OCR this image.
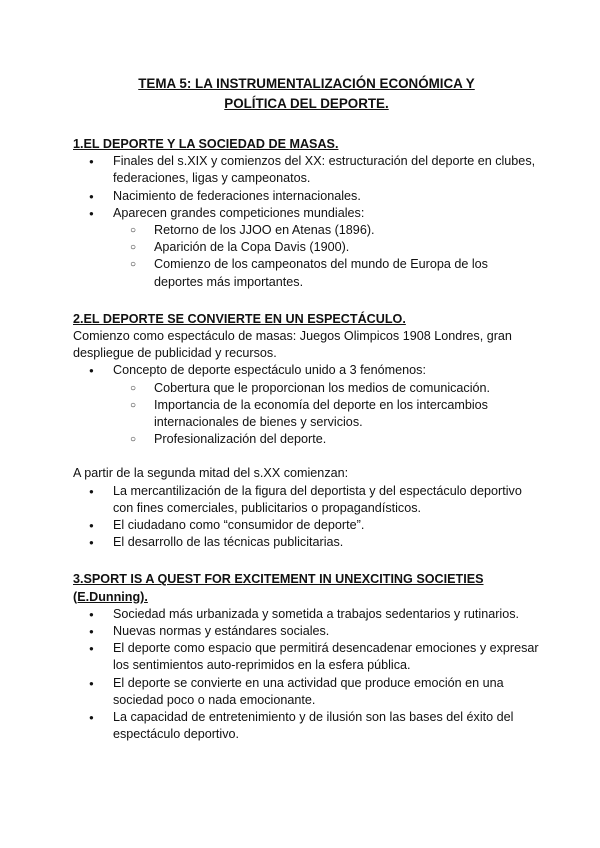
TEMA 5: LA INSTRUMENTALIZACIÓN ECONÓMICA Y
POLÍTICA DEL DEPORTE.
1.EL DEPORTE Y LA SOCIEDAD DE MASAS.
● Finales del s.XIX y comienzos del XX: estructuración del deporte en clubes, federaciones, ligas y campeonatos.
● Nacimiento de federaciones internacionales.
● Aparecen grandes competiciones mundiales:
○ Retorno de los JJOO en Atenas (1896).
○ Aparición de la Copa Davis (1900).
○ Comienzo de los campeonatos del mundo de Europa de los deportes más importantes.
2.EL DEPORTE SE CONVIERTE EN UN ESPECTÁCULO.

Comienzo como espectáculo de masas: Juegos Olimpicos 1908 Londres, gran despliegue de publicidad y recursos.

● Concepto de deporte espectáculo unido a 3 fenómenos:
○ Cobertura que le proporcionan los medios de comunicación.
○ Importancia de la economía del deporte en los intercambios internacionales de bienes y servicios.
○ Profesionalización del deporte.

A partir de la segunda mitad del s.XX comienzan:

● La mercantilización de la figura del deportista y del espectáculo deportivo con fines comerciales, publicitarios o propagandísticos.
● El ciudadano como “consumidor de deporte”.
● El desarrollo de las técnicas publicitarias.
3.SPORT IS A QUEST FOR EXCITEMENT IN UNEXCITING SOCIETIES (E.Dunning).
● Sociedad más urbanizada y sometida a trabajos sedentarios y rutinarios.
● Nuevas normas y estándares sociales.
● El deporte como espacio que permitirá desencadenar emociones y expresar los sentimientos auto-reprimidos en la esfera pública.
● El deporte se convierte en una actividad que produce emoción en una sociedad poco o nada emocionante.
● La capacidad de entretenimiento y de ilusión son las bases del éxito del espectáculo deportivo.
